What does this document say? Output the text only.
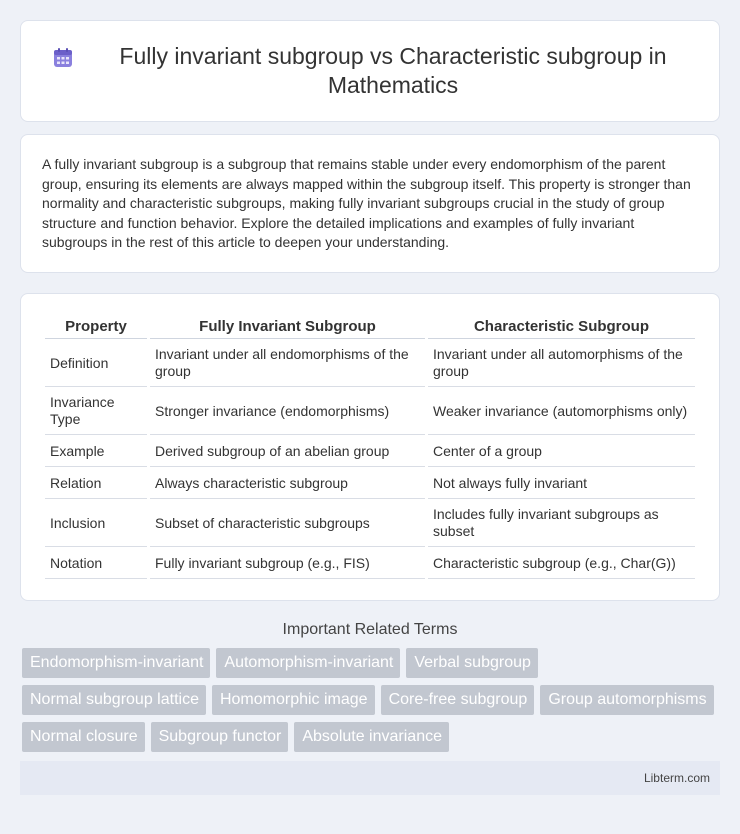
Fully invariant subgroup vs Characteristic subgroup in Mathematics

A fully invariant subgroup is a subgroup that remains stable under every endomorphism of the parent group, ensuring its elements are always mapped within the subgroup itself. This property is stronger than normality and characteristic subgroups, making fully invariant subgroups crucial in the study of group structure and function behavior. Explore the detailed implications and examples of fully invariant subgroups in the rest of this article to deepen your understanding.

Property	Fully Invariant Subgroup	Characteristic Subgroup
Definition	Invariant under all endomorphisms of the group	Invariant under all automorphisms of the group
Invariance Type	Stronger invariance (endomorphisms)	Weaker invariance (automorphisms only)
Example	Derived subgroup of an abelian group	Center of a group
Relation	Always characteristic subgroup	Not always fully invariant
Inclusion	Subset of characteristic subgroups	Includes fully invariant subgroups as subset
Notation	Fully invariant subgroup (e.g., FIS)	Characteristic subgroup (e.g., Char(G))
Important Related Terms
Endomorphism-invariant	Automorphism-invariant	Verbal subgroup
Normal subgroup lattice	Homomorphic image	Core-free subgroup	Group automorphisms
Normal closure	Subgroup functor	Absolute invariance
Libterm.com
